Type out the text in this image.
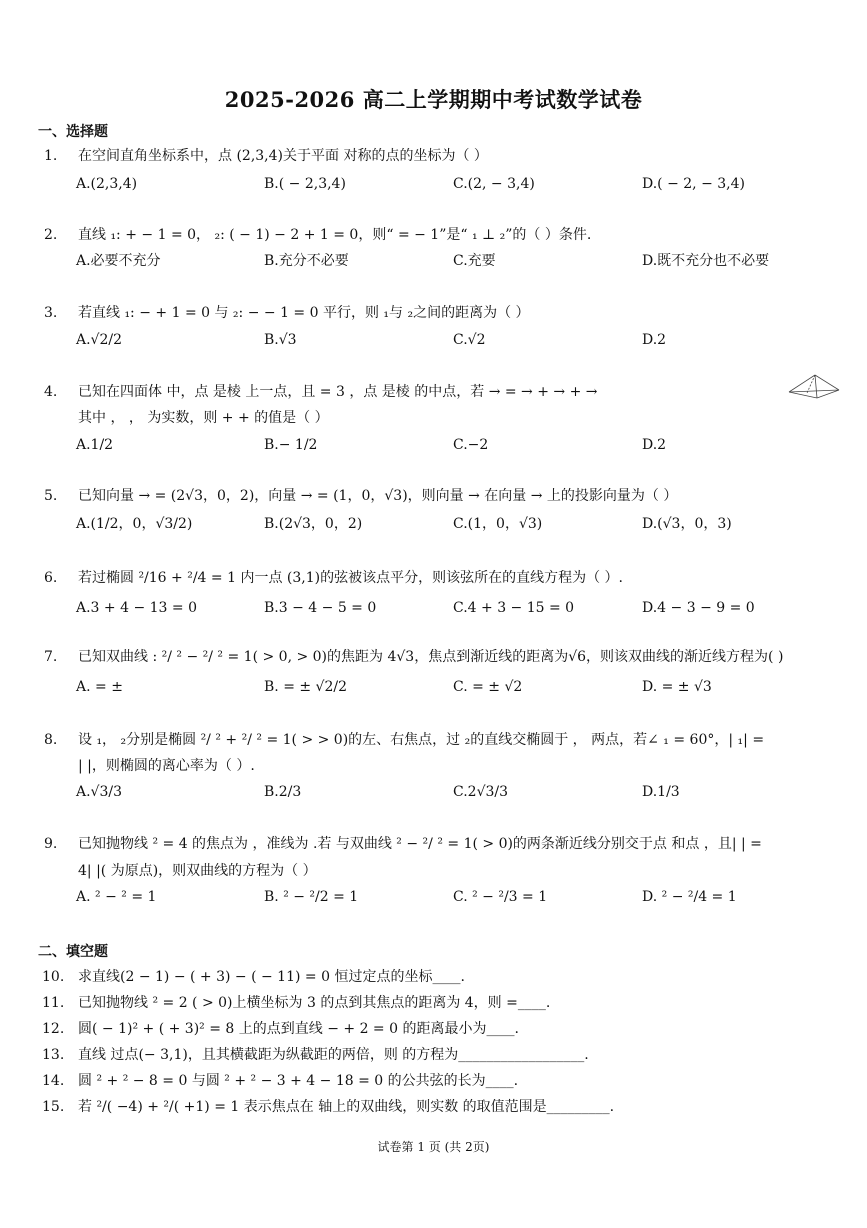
2025-2026 高二上学期期中考试数学试卷
一、选择题
1. 在空间直角坐标系中，点 (2,3,4)关于平面 对称的点的坐标为（ ）
A.(2,3,4)	B.( − 2,3,4)	C.(2, − 3,4)	D.( − 2, − 3,4)
2. 直线 ₁: + − 1 = 0， ₂: ( − 1) − 2 + 1 = 0，则“ = − 1”是“ ₁ ⊥ ₂”的（ ）条件.
A.必要不充分	B.充分不必要	C.充要	D.既不充分也不必要
3. 若直线 ₁: − + 1 = 0 与 ₂: − − 1 = 0 平行，则 ₁与 ₂之间的距离为（ ）
A.√2/2	B.√3	C.√2	D.2
4. 已知在四面体 中，点 是棱 上一点，且 = 3 ，点 是棱 的中点，若 → = → + → + →
其中 ， ， 为实数，则 + + 的值是（ ）
A.1/2	B.− 1/2	C.−2	D.2
5. 已知向量 → = (2√3，0，2)，向量 → = (1，0，√3)，则向量 → 在向量 → 上的投影向量为（ ）
A.(1/2，0，√3/2)	B.(2√3，0，2)	C.(1，0，√3)	D.(√3，0，3)
6. 若过椭圆 ²/16 + ²/4 = 1 内一点 (3,1)的弦被该点平分，则该弦所在的直线方程为（ ）.
A.3 + 4 − 13 = 0	B.3 − 4 − 5 = 0	C.4 + 3 − 15 = 0	D.4 − 3 − 9 = 0
7. 已知双曲线 : ²/ ² − ²/ ² = 1( > 0, > 0)的焦距为 4√3，焦点到渐近线的距离为√6，则该双曲线的渐近线方程为( )
A. = ±	B. = ± √2/2	C. = ± √2	D. = ± √3
8. 设 ₁， ₂分别是椭圆 ²/ ² + ²/ ² = 1( > > 0)的左、右焦点，过 ₂的直线交椭圆于 ， 两点，若∠ ₁ = 60°，| ₁| =
| |，则椭圆的离心率为（ ）.
A.√3/3	B.2/3	C.2√3/3	D.1/3
9. 已知抛物线 ² = 4 的焦点为 ，准线为 .若 与双曲线 ² − ²/ ² = 1( > 0)的两条渐近线分别交于点 和点 ，且| | =
4| |( 为原点)，则双曲线的方程为（ ）
A. ² − ² = 1	B. ² − ²/2 = 1	C. ² − ²/3 = 1	D. ² − ²/4 = 1
二、填空题
10. 求直线(2 − 1) − ( + 3) − ( − 11) = 0 恒过定点的坐标____.
11. 已知抛物线 ² = 2 ( > 0)上横坐标为 3 的点到其焦点的距离为 4，则 =____.
12. 圆( − 1)² + ( + 3)² = 8 上的点到直线 − + 2 = 0 的距离最小为____.
13. 直线 过点(− 3,1)，且其横截距为纵截距的两倍，则 的方程为__________________.
14. 圆 ² + ² − 8 = 0 与圆 ² + ² − 3 + 4 − 18 = 0 的公共弦的长为____.
15. 若 ²/( −4) + ²/( +1) = 1 表示焦点在 轴上的双曲线，则实数 的取值范围是_________.
试卷第 1 页 (共 2页)
